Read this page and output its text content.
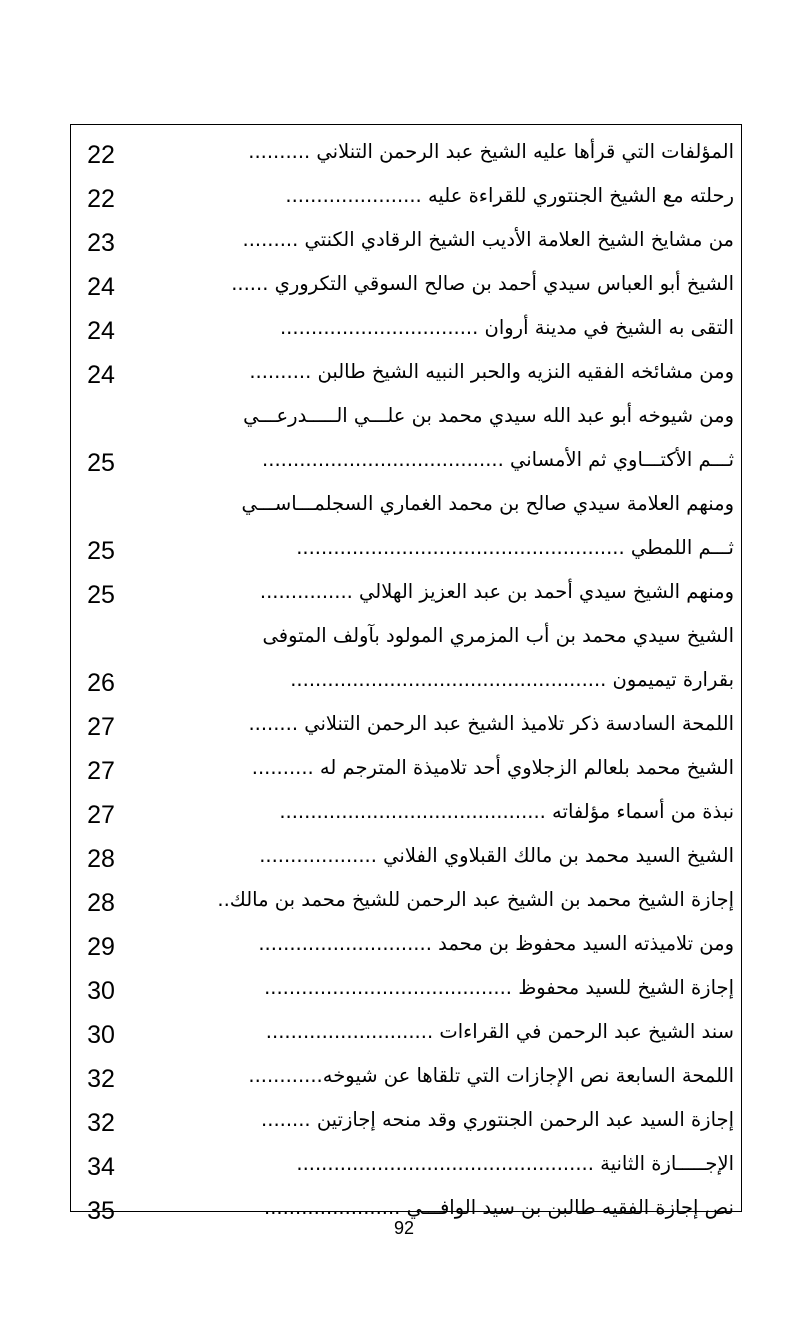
المؤلفات التي قرأها عليه الشيخ عبد الرحمن التنلاني ..........
رحلته مع الشيخ الجنتوري للقراءة عليه ......................
من مشايخ الشيخ العلامة الأديب الشيخ الرقادي الكنتي .........
الشيخ أبو العباس سيدي أحمد بن صالح السوقي التكروري ......
التقى به الشيخ في مدينة أروان ................................
ومن مشائخه الفقيه النزيه والحبر النبيه الشيخ طالبن ..........
ومن شيوخه أبو عبد الله سيدي محمد بن علـــي الـــــدرعـــي
ثـــم الأكتـــاوي ثم الأمساني .......................................
ومنهم العلامة سيدي صالح بن محمد الغماري السجلمـــاســـي
ثـــم اللمطي .....................................................
ومنهم الشيخ سيدي أحمد بن عبد العزيز الهلالي ...............
الشيخ سيدي محمد بن أب المزمري المولود بآولف المتوفى
بقرارة تيميمون ...................................................
اللمحة السادسة ذكر تلاميذ الشيخ عبد الرحمن التنلاني ........
الشيخ محمد بلعالم الزجلاوي أحد تلاميذة المترجم له ..........
نبذة من أسماء مؤلفاته ...........................................
الشيخ السيد محمد بن مالك القبلاوي الفلاني ...................
إجازة الشيخ محمد بن الشيخ عبد الرحمن للشيخ محمد بن مالك..
ومن تلاميذته السيد محفوظ بن محمد ............................
إجازة الشيخ للسيد محفوظ ........................................
سند الشيخ عبد الرحمن في القراءات ...........................
اللمحة السابعة نص الإجازات التي تلقاها عن شيوخه............
إجازة السيد عبد الرحمن الجنتوري وقد منحه إجازتين ........
الإجـــــازة الثانية ................................................
نص إجازة الفقيه طالبن بن سيد الوافـــي ......................
92
22
22
23
24
24
24
25
25
25
26
27
27
27
28
28
29
30
30
32
32
34
35
